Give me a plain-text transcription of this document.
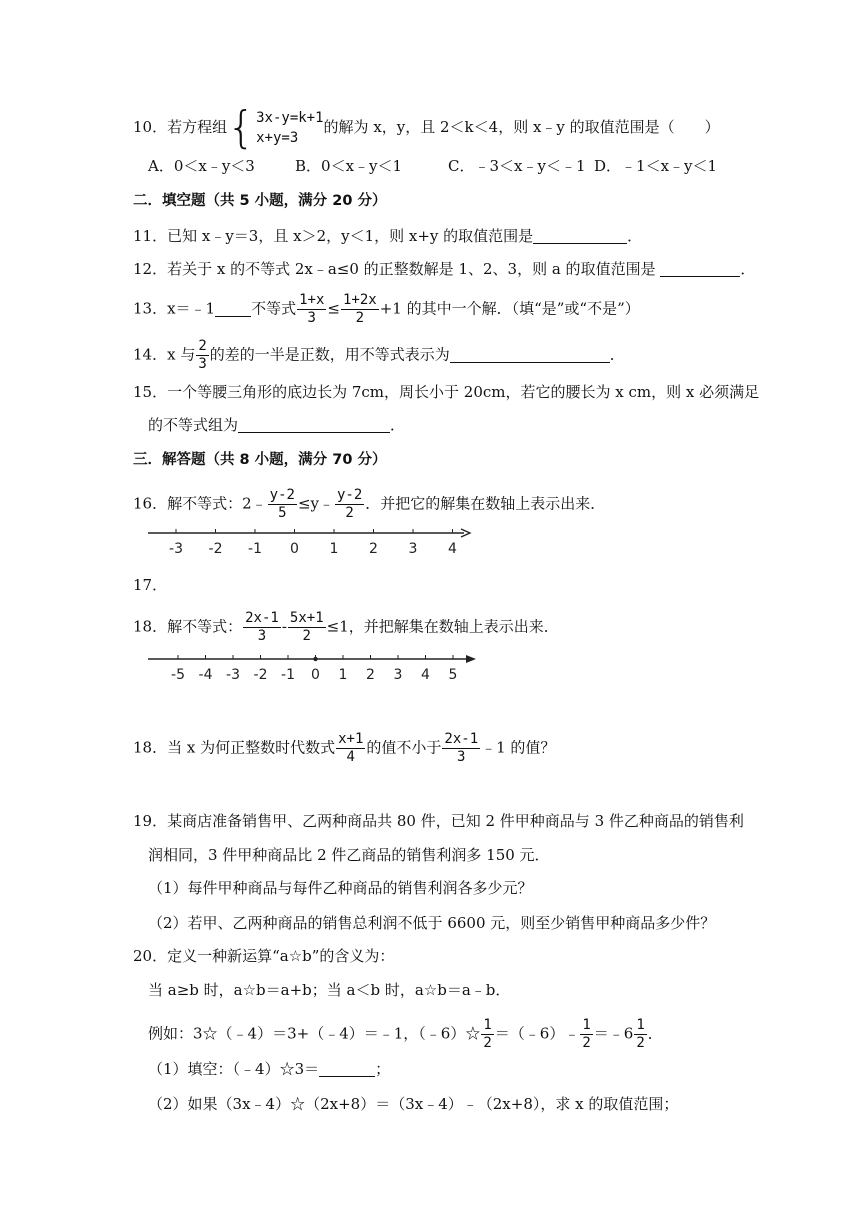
10．若方程组 { 3x-y=k+1
x+y=3
的解为 x，y，且 2＜k＜4，则 x﹣y 的取值范围是（　　）
A．0＜x﹣y＜3	B．0＜x﹣y＜1	C．﹣3＜x﹣y＜﹣1 D．﹣1＜x﹣y＜1
二．填空题（共 5 小题，满分 20 分）
11．已知 x﹣y＝3，且 x＞2，y＜1，则 x+y 的取值范围是	．
12．若关于 x 的不等式 2x﹣a≤0 的正整数解是 1、2、3，则 a 的取值范围是	．
13．x＝﹣1 不等式 $\frac{1+x}{3} \le \frac{1+2x}{2} +1$ 的其中一个解．（填“是”或“不是”）
14．x 与 $\frac{2}{3}$ 的差的一半是正数，用不等式表示为	．
15．一个等腰三角形的底边长为 7cm，周长小于 20cm，若它的腰长为 x cm，则 x 必须满足
的不等式组为	．
三．解答题（共 8 小题，满分 70 分）
16．解不等式：2﹣ $\frac{y-2}{5}$ ≤y﹣ $\frac{y-2}{2}$ ．并把它的解集在数轴上表示出来．
-3 -2 -1 0 1 2 3 4
17．
18．解不等式： $\frac{2x-1}{3} - \frac{5x+1}{2} \le 1$，并把解集在数轴上表示出来．
-5 -4 -3 -2 -1 0 1 2 3 4 5
18．当 x 为何正整数时代数式 $\frac{x+1}{4}$ 的值不小于 $\frac{2x-1}{3}$ ﹣1 的值？
19．某商店准备销售甲、乙两种商品共 80 件，已知 2 件甲种商品与 3 件乙种商品的销售利
润相同，3 件甲种商品比 2 件乙商品的销售利润多 150 元．
（1）每件甲种商品与每件乙种商品的销售利润各多少元？
（2）若甲、乙两种商品的销售总利润不低于 6600 元，则至少销售甲种商品多少件？
20．定义一种新运算“a☆b”的含义为：
当 a≥b 时，a☆b＝a+b；当 a＜b 时，a☆b＝a﹣b．
例如：3☆（﹣4）＝3+（﹣4）＝﹣1，（﹣6）☆ $\frac{1}{2}$ ＝（﹣6）﹣ $\frac{1}{2}$ ＝﹣6 $\frac{1}{2}$ ．
（1）填空：（﹣4）☆3＝	；
（2）如果（3x﹣4）☆（2x+8）＝（3x﹣4）﹣（2x+8），求 x 的取值范围；
